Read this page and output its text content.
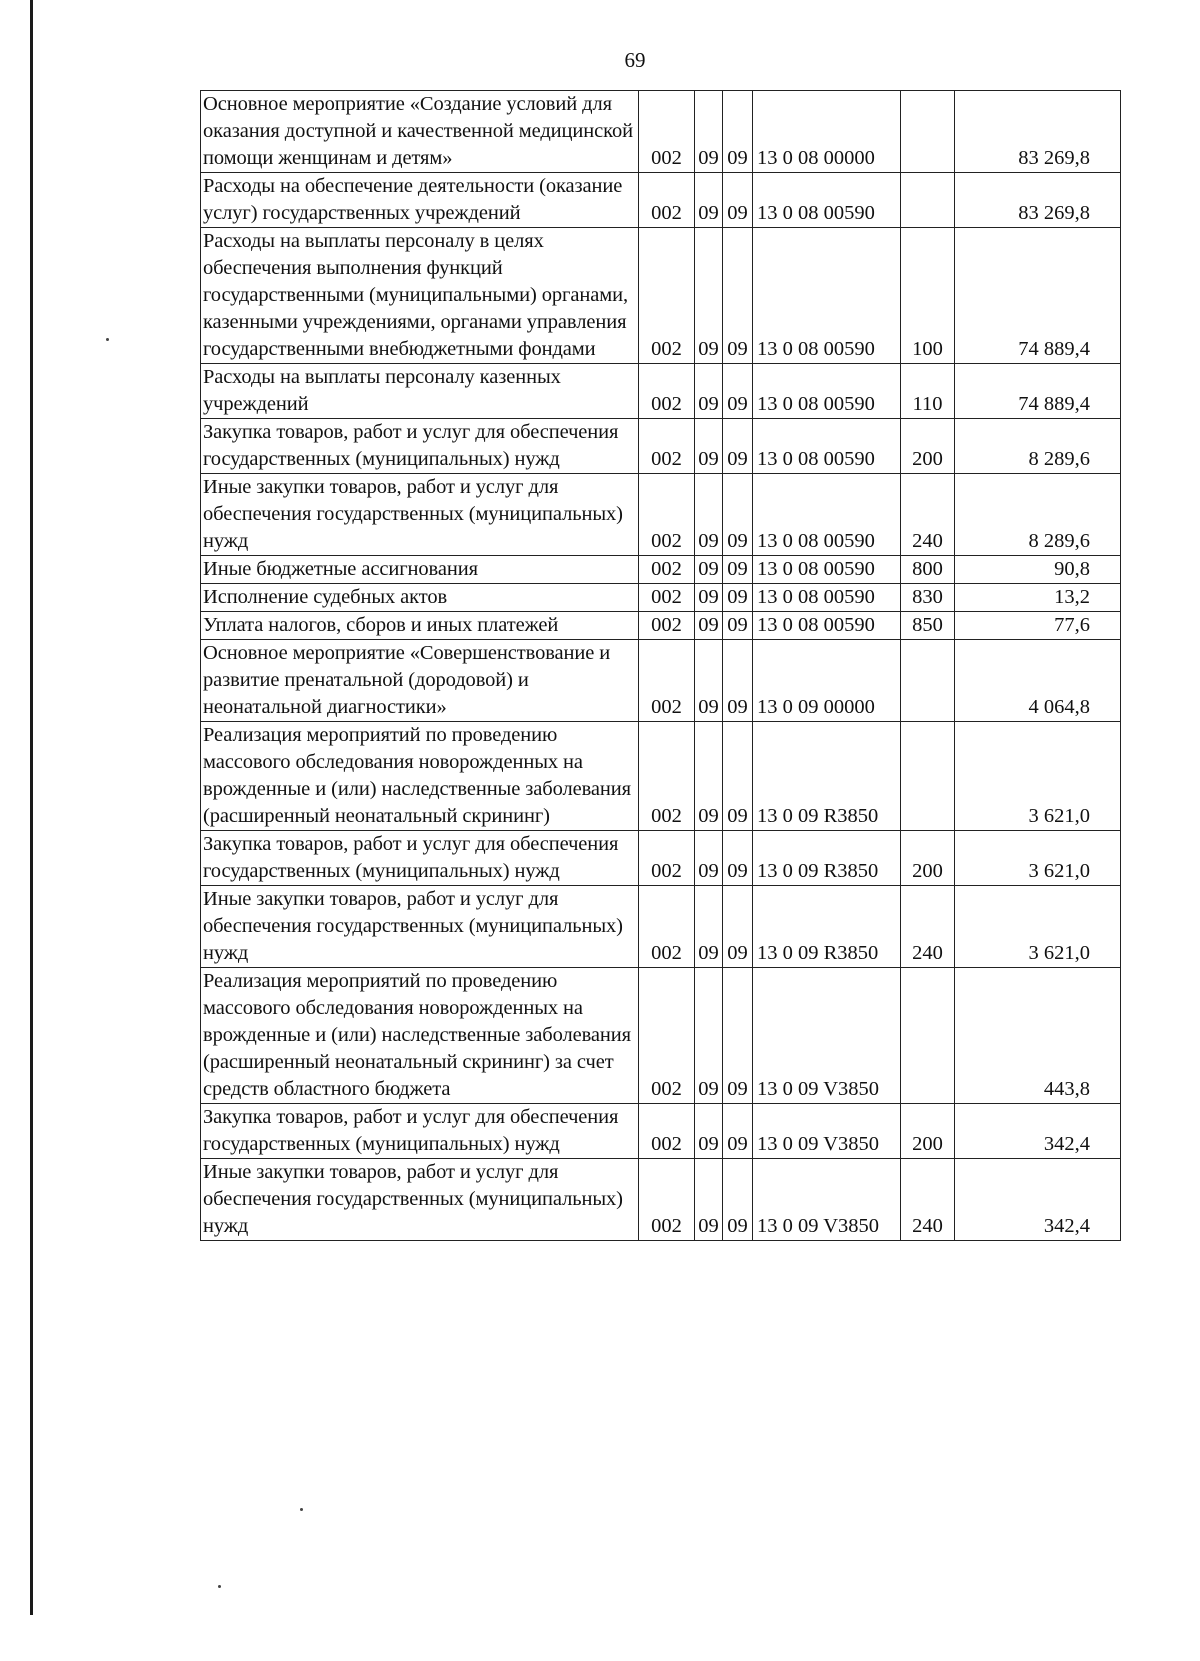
69
Основное мероприятие «Создание условий для оказания доступной и качественной медицинской помощи женщинам и детям»	002	09	09	13 0 08 00000		83 269,8
Расходы на обеспечение деятельности (оказание услуг) государственных учреждений	002	09	09	13 0 08 00590		83 269,8
Расходы на выплаты персоналу в целях обеспечения выполнения функций государственными (муниципальными) органами, казенными учреждениями, органами управления государственными внебюджетными фондами	002	09	09	13 0 08 00590	100	74 889,4
Расходы на выплаты персоналу казенных учреждений	002	09	09	13 0 08 00590	110	74 889,4
Закупка товаров, работ и услуг для обеспечения государственных (муниципальных) нужд	002	09	09	13 0 08 00590	200	8 289,6
Иные закупки товаров, работ и услуг для обеспечения государственных (муниципальных) нужд	002	09	09	13 0 08 00590	240	8 289,6
Иные бюджетные ассигнования	002	09	09	13 0 08 00590	800	90,8
Исполнение судебных актов	002	09	09	13 0 08 00590	830	13,2
Уплата налогов, сборов и иных платежей	002	09	09	13 0 08 00590	850	77,6
Основное мероприятие «Совершенствование и развитие пренатальной (дородовой) и неонатальной диагностики»	002	09	09	13 0 09 00000		4 064,8
Реализация мероприятий по проведению массового обследования новорожденных на врожденные и (или) наследственные заболевания (расширенный неонатальный скрининг)	002	09	09	13 0 09 R3850		3 621,0
Закупка товаров, работ и услуг для обеспечения государственных (муниципальных) нужд	002	09	09	13 0 09 R3850	200	3 621,0
Иные закупки товаров, работ и услуг для обеспечения государственных (муниципальных) нужд	002	09	09	13 0 09 R3850	240	3 621,0
Реализация мероприятий по проведению массового обследования новорожденных на врожденные и (или) наследственные заболевания (расширенный неонатальный скрининг) за счет средств областного бюджета	002	09	09	13 0 09 V3850		443,8
Закупка товаров, работ и услуг для обеспечения государственных (муниципальных) нужд	002	09	09	13 0 09 V3850	200	342,4
Иные закупки товаров, работ и услуг для обеспечения государственных (муниципальных) нужд	002	09	09	13 0 09 V3850	240	342,4
